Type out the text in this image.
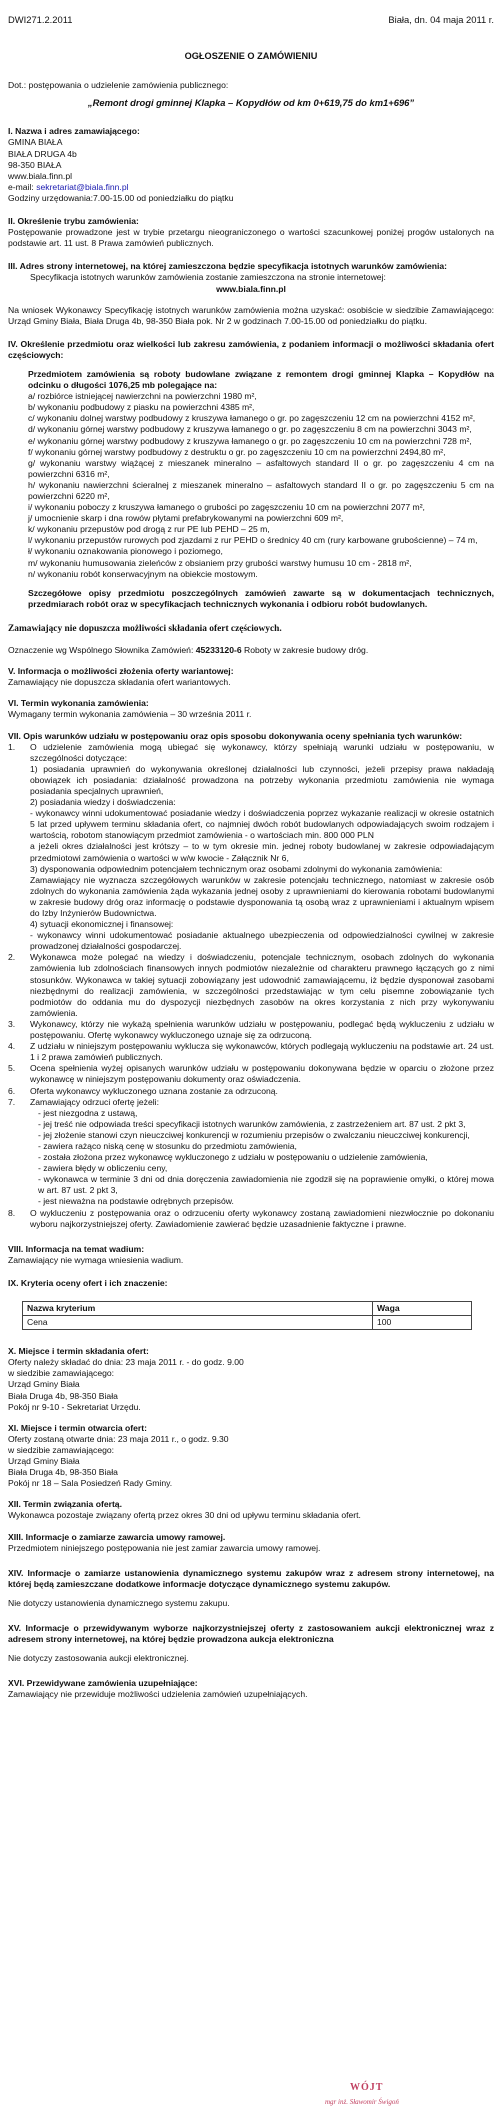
DWI271.2.2011	Biała, dn. 04 maja 2011 r.
OGŁOSZENIE O ZAMÓWIENIU

Dot.: postępowania o udzielenie zamówienia publicznego:

„Remont drogi gminnej Klapka – Kopydłów od km 0+619,75 do km1+696”

I. Nazwa i adres zamawiającego:
GMINA BIAŁA
BIAŁA DRUGA 4b
98-350 BIAŁA
www.biala.finn.pl
e-mail: sekretariat@biala.finn.pl
Godziny urzędowania:7.00-15.00 od poniedziałku do piątku
II. Określenie trybu zamówienia:
Postępowanie prowadzone jest w trybie przetargu nieograniczonego o wartości szacunkowej poniżej progów ustalonych na podstawie art. 11 ust. 8 Prawa zamówień publicznych.
III. Adres strony internetowej, na której zamieszczona będzie specyfikacja istotnych warunków zamówienia:
Specyfikacja istotnych warunków zamówienia zostanie zamieszczona na stronie internetowej:
www.biala.finn.pl
Na wniosek Wykonawcy Specyfikację istotnych warunków zamówienia można uzyskać: osobiście w siedzibie Zamawiającego: Urząd Gminy Biała, Biała Druga 4b, 98-350 Biała pok. Nr 2 w godzinach 7.00-15.00 od poniedziałku do piątku.
IV. Określenie przedmiotu oraz wielkości lub zakresu zamówienia, z podaniem informacji o możliwości składania ofert częściowych:
Przedmiotem zamówienia są roboty budowlane związane z remontem drogi gminnej Klapka – Kopydłów na odcinku o długości 1076,25 mb polegające na:
a/ rozbiórce istniejącej nawierzchni na powierzchni 1980 m²,
b/ wykonaniu podbudowy z piasku na powierzchni 4385 m²,
c/ wykonaniu dolnej warstwy podbudowy z kruszywa łamanego o gr. po zagęszczeniu 12 cm na powierzchni 4152 m²,
d/ wykonaniu górnej warstwy podbudowy z kruszywa łamanego o gr. po zagęszczeniu 8 cm na powierzchni 3043 m²,
e/ wykonaniu górnej warstwy podbudowy z kruszywa łamanego o gr. po zagęszczeniu 10 cm na powierzchni 728 m²,
f/ wykonaniu górnej warstwy podbudowy z destruktu o gr. po zagęszczeniu 10 cm na powierzchni 2494,80 m²,
g/ wykonaniu warstwy wiążącej z mieszanek mineralno – asfaltowych standard II o gr. po zagęszczeniu 4 cm na powierzchni 6316 m²,
h/ wykonaniu nawierzchni ścieralnej z mieszanek mineralno – asfaltowych standard II o gr. po zagęszczeniu 5 cm na powierzchni 6220 m²,
i/ wykonaniu poboczy z kruszywa łamanego o grubości po zagęszczeniu 10 cm na powierzchni 2077 m²,
j/ umocnienie skarp i dna rowów płytami prefabrykowanymi na powierzchni 609 m²,
k/ wykonaniu przepustów pod drogą z rur PE lub PEHD – 25 m,
l/ wykonaniu przepustów rurowych pod zjazdami z rur PEHD o średnicy 40 cm (rury karbowane grubościenne) – 74 m,
ł/ wykonaniu oznakowania pionowego i poziomego,
m/ wykonaniu humusowania zieleńców z obsianiem przy grubości warstwy humusu 10 cm - 2818 m²,
n/ wykonaniu robót konserwacyjnym na obiekcie mostowym.
Szczegółowe opisy przedmiotu poszczególnych zamówień zawarte są w dokumentacjach technicznych, przedmiarach robót oraz w specyfikacjach technicznych wykonania i odbioru robót budowlanych.
Zamawiający nie dopuszcza możliwości składania ofert częściowych.
Oznaczenie wg Wspólnego Słownika Zamówień: 45233120-6 Roboty w zakresie budowy dróg.
V. Informacja o możliwości złożenia oferty wariantowej:
Zamawiający nie dopuszcza składania ofert wariantowych.
VI. Termin wykonania zamówienia:
Wymagany termin wykonania zamówienia – 30 września 2011 r.
VII. Opis warunków udziału w postępowaniu oraz opis sposobu dokonywania oceny spełniania tych warunków:
1.	O udzielenie zamówienia mogą ubiegać się wykonawcy, którzy spełniają warunki udziału w postępowaniu, w szczególności dotyczące:
1) posiadania uprawnień do wykonywania określonej działalności lub czynności, jeżeli przepisy prawa nakładają obowiązek ich posiadania: działalność prowadzona na potrzeby wykonania przedmiotu zamówienia nie wymaga posiadania specjalnych uprawnień,
2) posiadania wiedzy i doświadczenia:
- wykonawcy winni udokumentować posiadanie wiedzy i doświadczenia poprzez wykazanie realizacji w okresie ostatnich 5 lat przed upływem terminu składania ofert, co najmniej dwóch robót budowlanych odpowiadających swoim rodzajem i wartością, robotom stanowiącym przedmiot zamówienia - o wartościach min. 800 000 PLN
a jeżeli okres działalności jest krótszy – to w tym okresie min. jednej roboty budowlanej w zakresie odpowiadającym przedmiotowi zamówienia o wartości w w/w kwocie - Załącznik Nr 6,
3) dysponowania odpowiednim potencjałem technicznym oraz osobami zdolnymi do wykonania zamówienia:
Zamawiający nie wyznacza szczegółowych warunków w zakresie potencjału technicznego, natomiast w zakresie osób zdolnych do wykonania zamówienia żąda wykazania jednej osoby z uprawnieniami do kierowania robotami budowlanymi w zakresie budowy dróg oraz informację o podstawie dysponowania tą osobą wraz z uprawnieniami i aktualnym wpisem do Izby Inżynierów Budownictwa.
4) sytuacji ekonomicznej i finansowej:
- wykonawcy winni udokumentować posiadanie aktualnego ubezpieczenia od odpowiedzialności cywilnej w zakresie prowadzonej działalności gospodarczej.
2.	Wykonawca może polegać na wiedzy i doświadczeniu, potencjale technicznym, osobach zdolnych do wykonania zamówienia lub zdolnościach finansowych innych podmiotów niezależnie od charakteru prawnego łączących go z nimi stosunków. Wykonawca w takiej sytuacji zobowiązany jest udowodnić zamawiającemu, iż będzie dysponował zasobami niezbędnymi do realizacji zamówienia, w szczególności przedstawiając w tym celu pisemne zobowiązanie tych podmiotów do oddania mu do dyspozycji niezbędnych zasobów na okres korzystania z nich przy wykonywaniu zamówienia.
3.	Wykonawcy, którzy nie wykażą spełnienia warunków udziału w postępowaniu, podlegać będą wykluczeniu z udziału w postępowaniu. Ofertę wykonawcy wykluczonego uznaje się za odrzuconą.
4.	Z udziału w niniejszym postępowaniu wyklucza się wykonawców, których podlegają wykluczeniu na podstawie art. 24 ust. 1 i 2 prawa zamówień publicznych.
5.	Ocena spełnienia wyżej opisanych warunków udziału w postępowaniu dokonywana będzie w oparciu o złożone przez wykonawcę w niniejszym postępowaniu dokumenty oraz oświadczenia.
6.	Oferta wykonawcy wykluczonego uznana zostanie za odrzuconą.
7.	Zamawiający odrzuci ofertę jeżeli:
- jest niezgodna z ustawą,
- jej treść nie odpowiada treści specyfikacji istotnych warunków zamówienia, z zastrzeżeniem art. 87 ust. 2 pkt 3,
- jej złożenie stanowi czyn nieuczciwej konkurencji w rozumieniu przepisów o zwalczaniu nieuczciwej konkurencji,
- zawiera rażąco niską cenę w stosunku do przedmiotu zamówienia,
- została złożona przez wykonawcę wykluczonego z udziału w postępowaniu o udzielenie zamówienia,
- zawiera błędy w obliczeniu ceny,
- wykonawca w terminie 3 dni od dnia doręczenia zawiadomienia nie zgodził się na poprawienie omyłki, o której mowa w art. 87 ust. 2 pkt 3,
- jest nieważna na podstawie odrębnych przepisów.
8.	O wykluczeniu z postępowania oraz o odrzuceniu oferty wykonawcy zostaną zawiadomieni niezwłocznie po dokonaniu wyboru najkorzystniejszej oferty. Zawiadomienie zawierać będzie uzasadnienie faktyczne i prawne.
VIII. Informacja na temat wadium:
Zamawiający nie wymaga wniesienia wadium.
IX. Kryteria oceny ofert i ich znaczenie:
Nazwa kryterium	Waga
Cena	100
X. Miejsce i termin składania ofert:
Oferty należy składać do dnia: 23 maja 2011 r. - do godz. 9.00
w siedzibie zamawiającego:
Urząd Gminy Biała
Biała Druga 4b, 98-350 Biała
Pokój nr 9-10 - Sekretariat Urzędu.
XI. Miejsce i termin otwarcia ofert:
Oferty zostaną otwarte dnia: 23 maja 2011 r., o godz. 9.30
w siedzibie zamawiającego:
Urząd Gminy Biała
Biała Druga 4b, 98-350 Biała
Pokój nr 18 – Sala Posiedzeń Rady Gminy.
XII. Termin związania ofertą.
Wykonawca pozostaje związany ofertą przez okres 30 dni od upływu terminu składania ofert.
XIII. Informacje o zamiarze zawarcia umowy ramowej.
Przedmiotem niniejszego postępowania nie jest zamiar zawarcia umowy ramowej.
XIV. Informacje o zamiarze ustanowienia dynamicznego systemu zakupów wraz z adresem strony internetowej, na której będą zamieszczane dodatkowe informacje dotyczące dynamicznego systemu zakupów.
Nie dotyczy ustanowienia dynamicznego systemu zakupu.
XV. Informacje o przewidywanym wyborze najkorzystniejszej oferty z zastosowaniem aukcji elektronicznej wraz z adresem strony internetowej, na której będzie prowadzona aukcja elektroniczna
Nie dotyczy zastosowania aukcji elektronicznej.
XVI. Przewidywane zamówienia uzupełniające:
Zamawiający nie przewiduje możliwości udzielenia zamówień uzupełniających.
WÓJT
mgr inż. Sławomir Świgoń
